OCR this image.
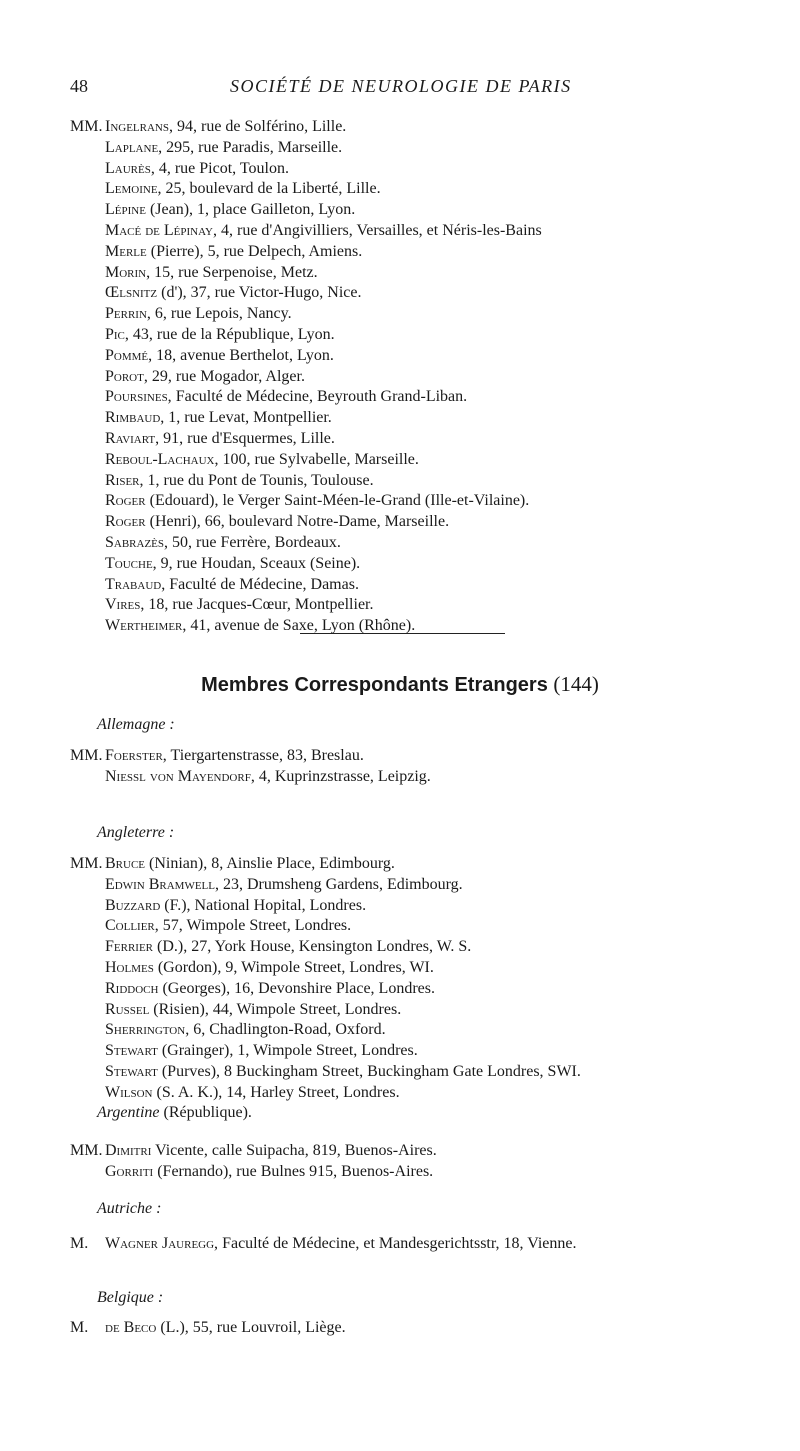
48	SOCIÉTÉ DE NEUROLOGIE DE PARIS
MM. Ingelrans, 94, rue de Solférino, Lille.
Laplane, 295, rue Paradis, Marseille.
Laurès, 4, rue Picot, Toulon.
Lemoine, 25, boulevard de la Liberté, Lille.
Lépine (Jean), 1, place Gailleton, Lyon.
Macé de Lépinay, 4, rue d'Angivilliers, Versailles, et Néris-les-Bains
Merle (Pierre), 5, rue Delpech, Amiens.
Morin, 15, rue Serpenoise, Metz.
Œlsnitz (d'), 37, rue Victor-Hugo, Nice.
Perrin, 6, rue Lepois, Nancy.
Pic, 43, rue de la République, Lyon.
Pommé, 18, avenue Berthelot, Lyon.
Porot, 29, rue Mogador, Alger.
Poursines, Faculté de Médecine, Beyrouth Grand-Liban.
Rimbaud, 1, rue Levat, Montpellier.
Raviart, 91, rue d'Esquermes, Lille.
Reboul-Lachaux, 100, rue Sylvabelle, Marseille.
Riser, 1, rue du Pont de Tounis, Toulouse.
Roger (Edouard), le Verger Saint-Méen-le-Grand (Ille-et-Vilaine).
Roger (Henri), 66, boulevard Notre-Dame, Marseille.
Sabrazès, 50, rue Ferrère, Bordeaux.
Touche, 9, rue Houdan, Sceaux (Seine).
Trabaud, Faculté de Médecine, Damas.
Vires, 18, rue Jacques-Cœur, Montpellier.
Wertheimer, 41, avenue de Saxe, Lyon (Rhône).
Membres Correspondants Etrangers (144)
Allemagne :
MM. Foerster, Tiergartenstrasse, 83, Breslau.
Niessl von Mayendorf, 4, Kuprinzstrasse, Leipzig.
Angleterre :
MM. Bruce (Ninian), 8, Ainslie Place, Edimbourg.
Edwin Bramwell, 23, Drumsheng Gardens, Edimbourg.
Buzzard (F.), National Hopital, Londres.
Collier, 57, Wimpole Street, Londres.
Ferrier (D.), 27, York House, Kensington Londres, W. S.
Holmes (Gordon), 9, Wimpole Street, Londres, WI.
Riddoch (Georges), 16, Devonshire Place, Londres.
Russel (Risien), 44, Wimpole Street, Londres.
Sherrington, 6, Chadlington-Road, Oxford.
Stewart (Grainger), 1, Wimpole Street, Londres.
Stewart (Purves), 8 Buckingham Street, Buckingham Gate Londres, SWI.
Wilson (S. A. K.), 14, Harley Street, Londres.
Argentine (République).
MM. Dimitri Vicente, calle Suipacha, 819, Buenos-Aires.
Gorriti (Fernando), rue Bulnes 915, Buenos-Aires.
Autriche :
M. Wagner Jauregg, Faculté de Médecine, et Mandesgerichtsstr, 18, Vienne.
Belgique :
M. de Beco (L.), 55, rue Louvroil, Liège.
